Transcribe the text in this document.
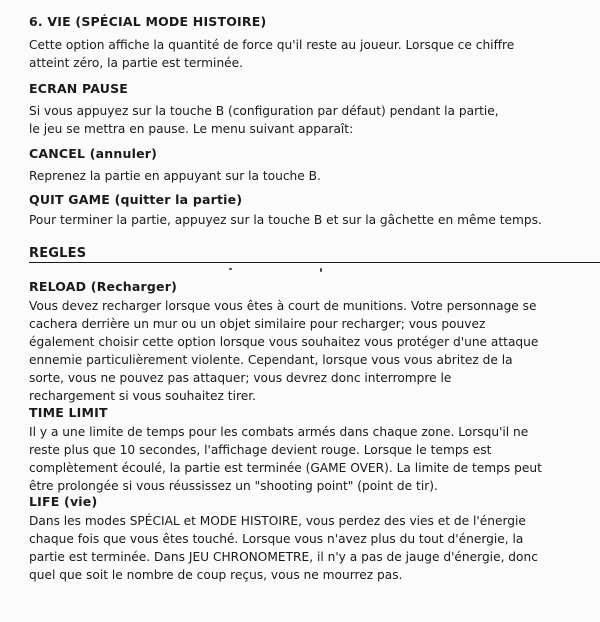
6. VIE (SPÉCIAL MODE HISTOIRE)
Cette option affiche la quantité de force qu'il reste au joueur. Lorsque ce chiffre
atteint zéro, la partie est terminée.
ECRAN PAUSE
Si vous appuyez sur la touche B (configuration par défaut) pendant la partie,
le jeu se mettra en pause. Le menu suivant apparaît:
CANCEL (annuler)
Reprenez la partie en appuyant sur la touche B.
QUIT GAME (quitter la partie)
Pour terminer la partie, appuyez sur la touche B et sur la gâchette en même temps.
REGLES
RELOAD (Recharger)
Vous devez recharger lorsque vous êtes à court de munitions. Votre personnage se
cachera derrière un mur ou un objet similaire pour recharger; vous pouvez
également choisir cette option lorsque vous souhaitez vous protéger d'une attaque
ennemie particulièrement violente. Cependant, lorsque vous vous abritez de la
sorte, vous ne pouvez pas attaquer; vous devrez donc interrompre le
rechargement si vous souhaitez tirer.
TIME LIMIT
Il y a une limite de temps pour les combats armés dans chaque zone. Lorsqu'il ne
reste plus que 10 secondes, l'affichage devient rouge. Lorsque le temps est
complètement écoulé, la partie est terminée (GAME OVER). La limite de temps peut
être prolongée si vous réussissez un "shooting point" (point de tir).
LIFE (vie)
Dans les modes SPÉCIAL et MODE HISTOIRE, vous perdez des vies et de l'énergie
chaque fois que vous êtes touché. Lorsque vous n'avez plus du tout d'énergie, la
partie est terminée. Dans JEU CHRONOMETRE, il n'y a pas de jauge d'énergie, donc
quel que soit le nombre de coup reçus, vous ne mourrez pas.
